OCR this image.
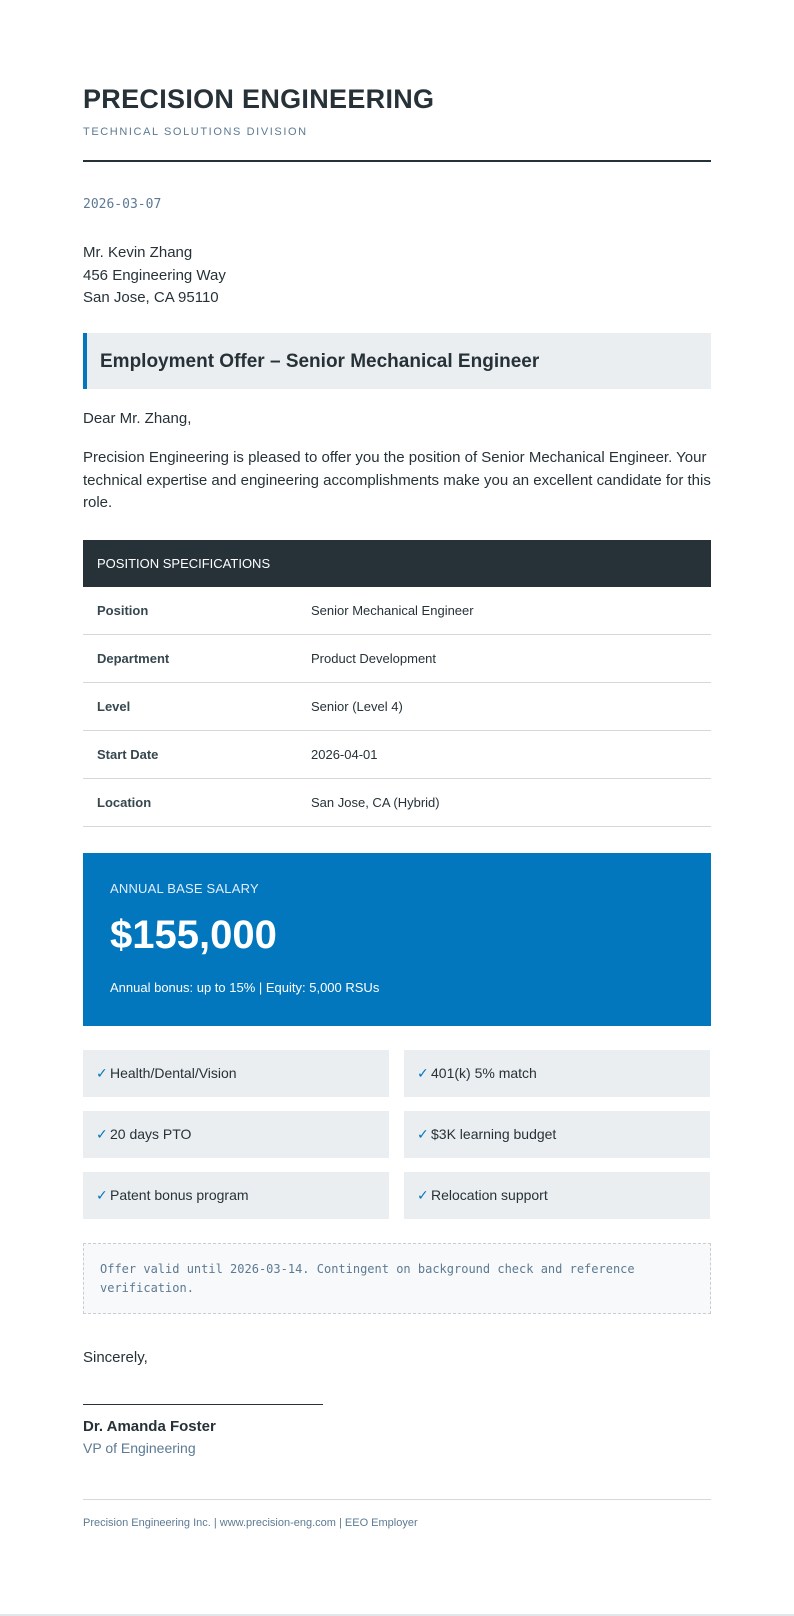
PRECISION ENGINEERING
TECHNICAL SOLUTIONS DIVISION
2026-03-07
Mr. Kevin Zhang
456 Engineering Way
San Jose, CA 95110
Employment Offer – Senior Mechanical Engineer
Dear Mr. Zhang,
Precision Engineering is pleased to offer you the position of Senior Mechanical Engineer. Your technical expertise and engineering accomplishments make you an excellent candidate for this role.
POSITION SPECIFICATIONS
Position	Senior Mechanical Engineer
Department	Product Development
Level	Senior (Level 4)
Start Date	2026-04-01
Location	San Jose, CA (Hybrid)
ANNUAL BASE SALARY
$155,000
Annual bonus: up to 15% | Equity: 5,000 RSUs
✓ Health/Dental/Vision	✓ 401(k) 5% match
✓ 20 days PTO	✓ $3K learning budget
✓ Patent bonus program	✓ Relocation support
Offer valid until 2026-03-14. Contingent on background check and reference verification.
Sincerely,
Dr. Amanda Foster
VP of Engineering
Precision Engineering Inc. | www.precision-eng.com | EEO Employer
